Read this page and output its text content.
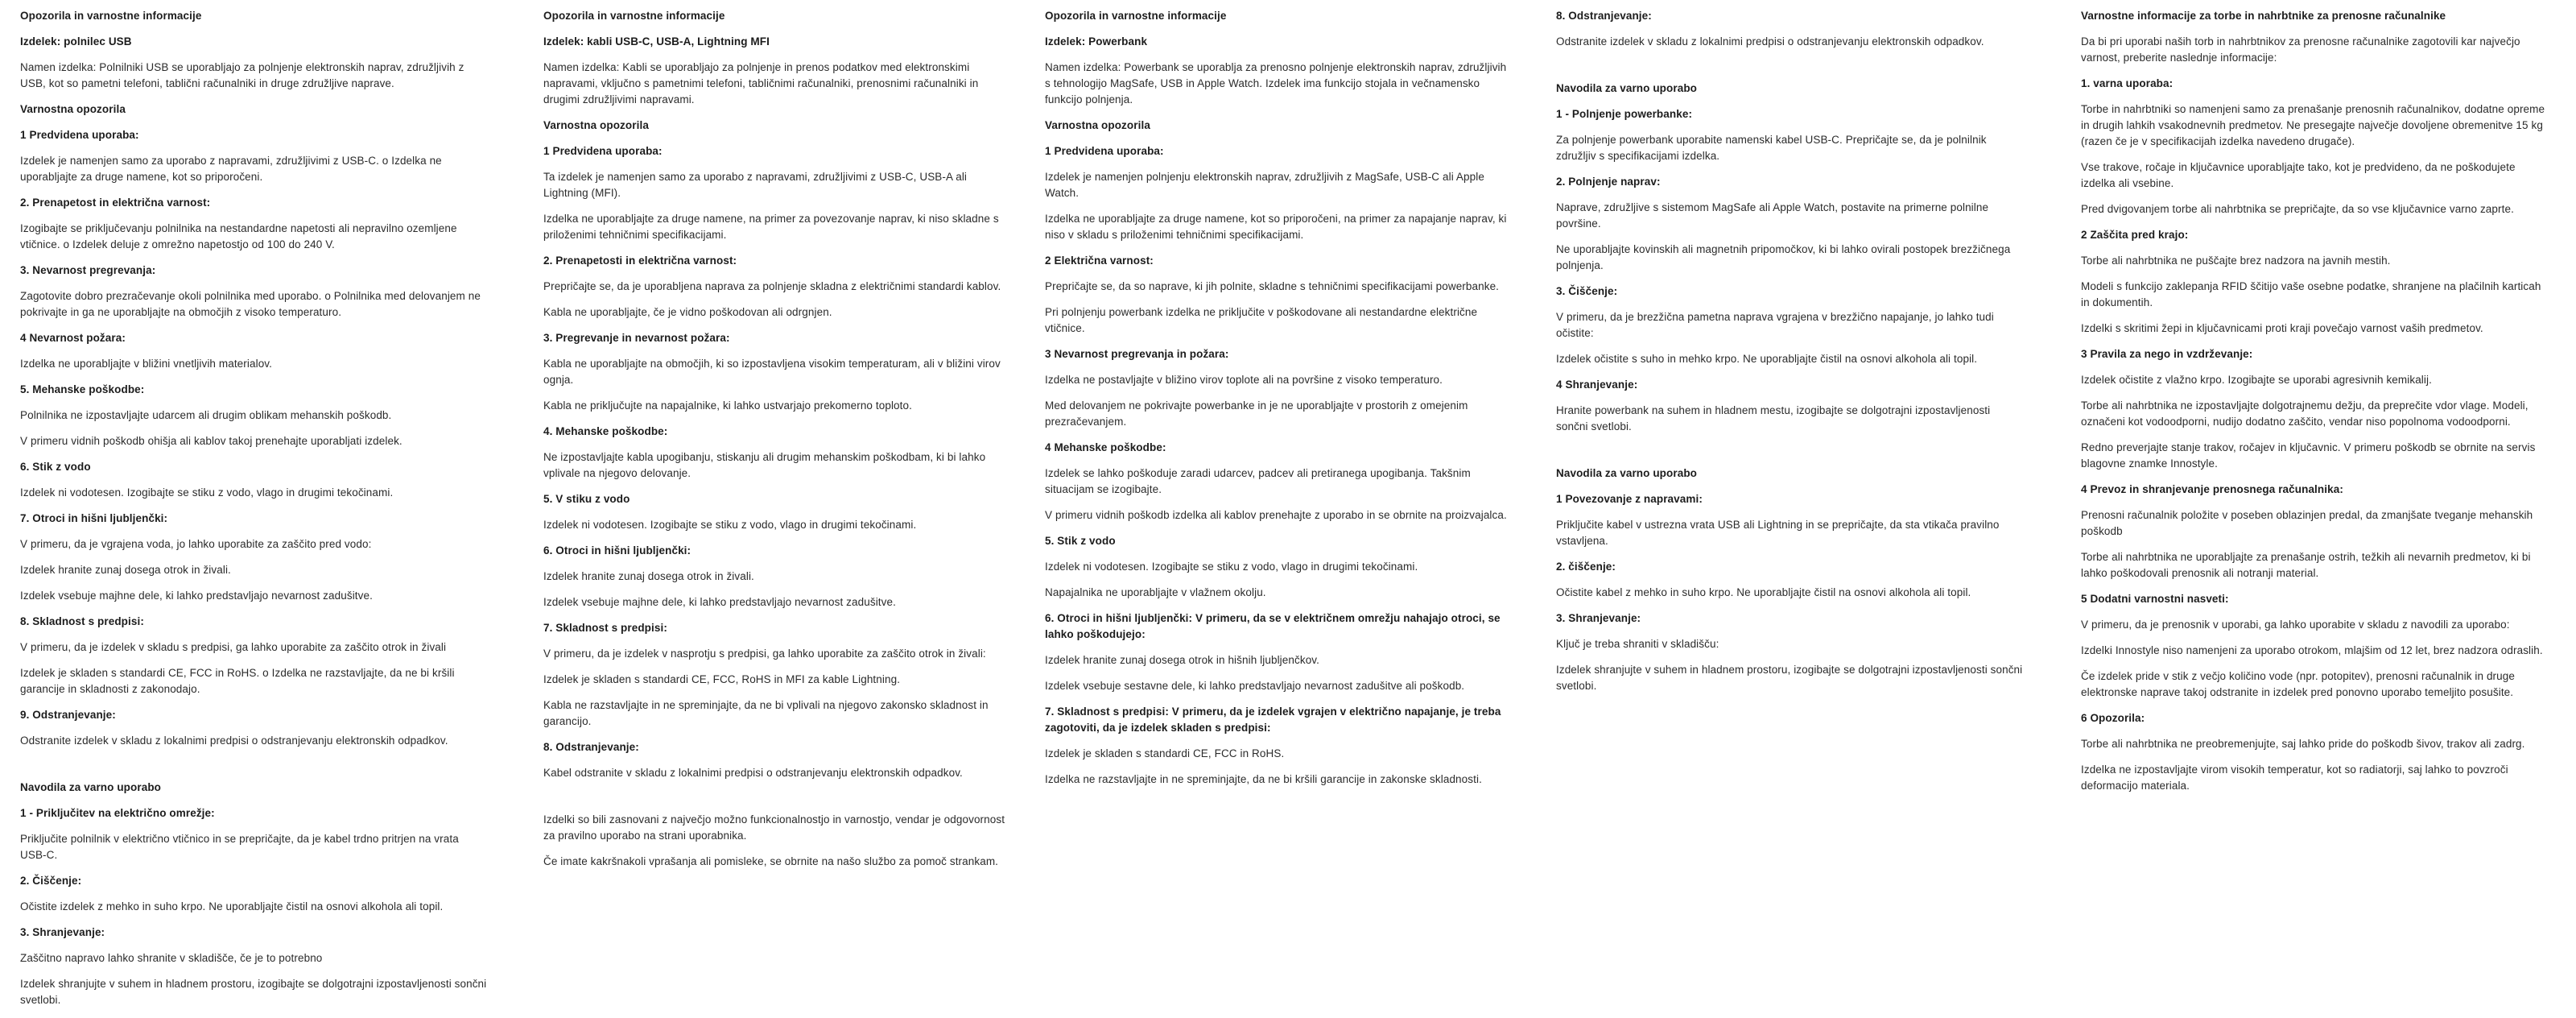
Opozorila in varnostne informacije

Izdelek: polnilec USB

Namen izdelka: Polnilniki USB se uporabljajo za polnjenje elektronskih naprav, združljivih z USB, kot so pametni telefoni, tablični računalniki in druge združljive naprave.

Varnostna opozorila

1 Predvidena uporaba:

Izdelek je namenjen samo za uporabo z napravami, združljivimi z USB-C. o Izdelka ne uporabljajte za druge namene, kot so priporočeni.

2. Prenapetost in električna varnost:

Izogibajte se priključevanju polnilnika na nestandardne napetosti ali nepravilno ozemljene vtičnice. o Izdelek deluje z omrežno napetostjo od 100 do 240 V.

3. Nevarnost pregrevanja:

Zagotovite dobro prezračevanje okoli polnilnika med uporabo. o Polnilnika med delovanjem ne pokrivajte in ga ne uporabljajte na območjih z visoko temperaturo.

4 Nevarnost požara:

Izdelka ne uporabljajte v bližini vnetljivih materialov.

5. Mehanske poškodbe:

Polnilnika ne izpostavljajte udarcem ali drugim oblikam mehanskih poškodb.

V primeru vidnih poškodb ohišja ali kablov takoj prenehajte uporabljati izdelek.

6. Stik z vodo

Izdelek ni vodotesen. Izogibajte se stiku z vodo, vlago in drugimi tekočinami.

7. Otroci in hišni ljubljenčki:

V primeru, da je vgrajena voda, jo lahko uporabite za zaščito pred vodo:

Izdelek hranite zunaj dosega otrok in živali.

Izdelek vsebuje majhne dele, ki lahko predstavljajo nevarnost zadušitve.

8. Skladnost s predpisi:

V primeru, da je izdelek v skladu s predpisi, ga lahko uporabite za zaščito otrok in živali

Izdelek je skladen s standardi CE, FCC in RoHS. o Izdelka ne razstavljajte, da ne bi kršili garancije in skladnosti z zakonodajo.

9. Odstranjevanje:

Odstranite izdelek v skladu z lokalnimi predpisi o odstranjevanju elektronskih odpadkov.

Navodila za varno uporabo

1 - Priključitev na električno omrežje:

Priključite polnilnik v električno vtičnico in se prepričajte, da je kabel trdno pritrjen na vrata USB-C.

2. Čiščenje:

Očistite izdelek z mehko in suho krpo. Ne uporabljajte čistil na osnovi alkohola ali topil.

3. Shranjevanje:

Zaščitno napravo lahko shranite v skladišče, če je to potrebno

Izdelek shranjujte v suhem in hladnem prostoru, izogibajte se dolgotrajni izpostavljenosti sončni svetlobi.

Opozorila in varnostne informacije

Izdelek: kabli USB-C, USB-A, Lightning MFI

Namen izdelka: Kabli se uporabljajo za polnjenje in prenos podatkov med elektronskimi napravami, vključno s pametnimi telefoni, tabličnimi računalniki, prenosnimi računalniki in drugimi združljivimi napravami.

Varnostna opozorila

1 Predvidena uporaba:

Ta izdelek je namenjen samo za uporabo z napravami, združljivimi z USB-C, USB-A ali Lightning (MFI).

Izdelka ne uporabljajte za druge namene, na primer za povezovanje naprav, ki niso skladne s priloženimi tehničnimi specifikacijami.

2. Prenapetosti in električna varnost:

Prepričajte se, da je uporabljena naprava za polnjenje skladna z električnimi standardi kablov.

Kabla ne uporabljajte, če je vidno poškodovan ali odrgnjen.

3. Pregrevanje in nevarnost požara:

Kabla ne uporabljajte na območjih, ki so izpostavljena visokim temperaturam, ali v bližini virov ognja.

Kabla ne priključujte na napajalnike, ki lahko ustvarjajo prekomerno toploto.

4. Mehanske poškodbe:

Ne izpostavljajte kabla upogibanju, stiskanju ali drugim mehanskim poškodbam, ki bi lahko vplivale na njegovo delovanje.

5. V stiku z vodo

Izdelek ni vodotesen. Izogibajte se stiku z vodo, vlago in drugimi tekočinami.

6. Otroci in hišni ljubljenčki:

Izdelek hranite zunaj dosega otrok in živali.

Izdelek vsebuje majhne dele, ki lahko predstavljajo nevarnost zadušitve.

7. Skladnost s predpisi:

V primeru, da je izdelek v nasprotju s predpisi, ga lahko uporabite za zaščito otrok in živali:

Izdelek je skladen s standardi CE, FCC, RoHS in MFI za kable Lightning.

Kabla ne razstavljajte in ne spreminjajte, da ne bi vplivali na njegovo zakonsko skladnost in garancijo.

8. Odstranjevanje:

Kabel odstranite v skladu z lokalnimi predpisi o odstranjevanju elektronskih odpadkov.

Izdelki so bili zasnovani z največjo možno funkcionalnostjo in varnostjo, vendar je odgovornost za pravilno uporabo na strani uporabnika.

Če imate kakršnakoli vprašanja ali pomisleke, se obrnite na našo službo za pomoč strankam.

Opozorila in varnostne informacije

Izdelek: Powerbank

Namen izdelka: Powerbank se uporablja za prenosno polnjenje elektronskih naprav, združljivih s tehnologijo MagSafe, USB in Apple Watch. Izdelek ima funkcijo stojala in večnamensko funkcijo polnjenja.

Varnostna opozorila

1 Predvidena uporaba:

Izdelek je namenjen polnjenju elektronskih naprav, združljivih z MagSafe, USB-C ali Apple Watch.

Izdelka ne uporabljajte za druge namene, kot so priporočeni, na primer za napajanje naprav, ki niso v skladu s priloženimi tehničnimi specifikacijami.

2 Električna varnost:

Prepričajte se, da so naprave, ki jih polnite, skladne s tehničnimi specifikacijami powerbanke.

Pri polnjenju powerbank izdelka ne priključite v poškodovane ali nestandardne električne vtičnice.

3 Nevarnost pregrevanja in požara:

Izdelka ne postavljajte v bližino virov toplote ali na površine z visoko temperaturo.

Med delovanjem ne pokrivajte powerbanke in je ne uporabljajte v prostorih z omejenim prezračevanjem.

4 Mehanske poškodbe:

Izdelek se lahko poškoduje zaradi udarcev, padcev ali pretiranega upogibanja. Takšnim situacijam se izogibajte.

V primeru vidnih poškodb izdelka ali kablov prenehajte z uporabo in se obrnite na proizvajalca.

5. Stik z vodo

Izdelek ni vodotesen. Izogibajte se stiku z vodo, vlago in drugimi tekočinami.

Napajalnika ne uporabljajte v vlažnem okolju.

6. Otroci in hišni ljubljenčki: V primeru, da se v električnem omrežju nahajajo otroci, se lahko poškodujejo:

Izdelek hranite zunaj dosega otrok in hišnih ljubljenčkov.

Izdelek vsebuje sestavne dele, ki lahko predstavljajo nevarnost zadušitve ali poškodb.

7. Skladnost s predpisi: V primeru, da je izdelek vgrajen v električno napajanje, je treba zagotoviti, da je izdelek skladen s predpisi:

Izdelek je skladen s standardi CE, FCC in RoHS.

Izdelka ne razstavljajte in ne spreminjajte, da ne bi kršili garancije in zakonske skladnosti.

8. Odstranjevanje:

Odstranite izdelek v skladu z lokalnimi predpisi o odstranjevanju elektronskih odpadkov.

Navodila za varno uporabo

1 - Polnjenje powerbanke:

Za polnjenje powerbank uporabite namenski kabel USB-C. Prepričajte se, da je polnilnik združljiv s specifikacijami izdelka.

2. Polnjenje naprav:

Naprave, združljive s sistemom MagSafe ali Apple Watch, postavite na primerne polnilne površine.

Ne uporabljajte kovinskih ali magnetnih pripomočkov, ki bi lahko ovirali postopek brezžičnega polnjenja.

3. Čiščenje:

V primeru, da je brezžična pametna naprava vgrajena v brezžično napajanje, jo lahko tudi očistite:

Izdelek očistite s suho in mehko krpo. Ne uporabljajte čistil na osnovi alkohola ali topil.

4 Shranjevanje:

Hranite powerbank na suhem in hladnem mestu, izogibajte se dolgotrajni izpostavljenosti sončni svetlobi.

Navodila za varno uporabo

1 Povezovanje z napravami:

Priključite kabel v ustrezna vrata USB ali Lightning in se prepričajte, da sta vtikača pravilno vstavljena.

2. čiščenje:

Očistite kabel z mehko in suho krpo. Ne uporabljajte čistil na osnovi alkohola ali topil.

3. Shranjevanje:

Ključ je treba shraniti v skladišču:

Izdelek shranjujte v suhem in hladnem prostoru, izogibajte se dolgotrajni izpostavljenosti sončni svetlobi.

Varnostne informacije za torbe in nahrbtnike za prenosne računalnike

Da bi pri uporabi naših torb in nahrbtnikov za prenosne računalnike zagotovili kar največjo varnost, preberite naslednje informacije:

1. varna uporaba:

Torbe in nahrbtniki so namenjeni samo za prenašanje prenosnih računalnikov, dodatne opreme in drugih lahkih vsakodnevnih predmetov. Ne presegajte največje dovoljene obremenitve 15 kg (razen če je v specifikacijah izdelka navedeno drugače).

Vse trakove, ročaje in ključavnice uporabljajte tako, kot je predvideno, da ne poškodujete izdelka ali vsebine.

Pred dvigovanjem torbe ali nahrbtnika se prepričajte, da so vse ključavnice varno zaprte.

2 Zaščita pred krajo:

Torbe ali nahrbtnika ne puščajte brez nadzora na javnih mestih.

Modeli s funkcijo zaklepanja RFID ščitijo vaše osebne podatke, shranjene na plačilnih karticah in dokumentih.

Izdelki s skritimi žepi in ključavnicami proti kraji povečajo varnost vaših predmetov.

3 Pravila za nego in vzdrževanje:

Izdelek očistite z vlažno krpo. Izogibajte se uporabi agresivnih kemikalij.

Torbe ali nahrbtnika ne izpostavljajte dolgotrajnemu dežju, da preprečite vdor vlage. Modeli, označeni kot vodoodporni, nudijo dodatno zaščito, vendar niso popolnoma vodoodporni.

Redno preverjajte stanje trakov, ročajev in ključavnic. V primeru poškodb se obrnite na servis blagovne znamke Innostyle.

4 Prevoz in shranjevanje prenosnega računalnika:

Prenosni računalnik položite v poseben oblazinjen predal, da zmanjšate tveganje mehanskih poškodb

Torbe ali nahrbtnika ne uporabljajte za prenašanje ostrih, težkih ali nevarnih predmetov, ki bi lahko poškodovali prenosnik ali notranji material.

5 Dodatni varnostni nasveti:

V primeru, da je prenosnik v uporabi, ga lahko uporabite v skladu z navodili za uporabo:

Izdelki Innostyle niso namenjeni za uporabo otrokom, mlajšim od 12 let, brez nadzora odraslih.

Če izdelek pride v stik z večjo količino vode (npr. potopitev), prenosni računalnik in druge elektronske naprave takoj odstranite in izdelek pred ponovno uporabo temeljito posušite.

6 Opozorila:

Torbe ali nahrbtnika ne preobremenjujte, saj lahko pride do poškodb šivov, trakov ali zadrg.

Izdelka ne izpostavljajte virom visokih temperatur, kot so radiatorji, saj lahko to povzroči deformacijo materiala.
